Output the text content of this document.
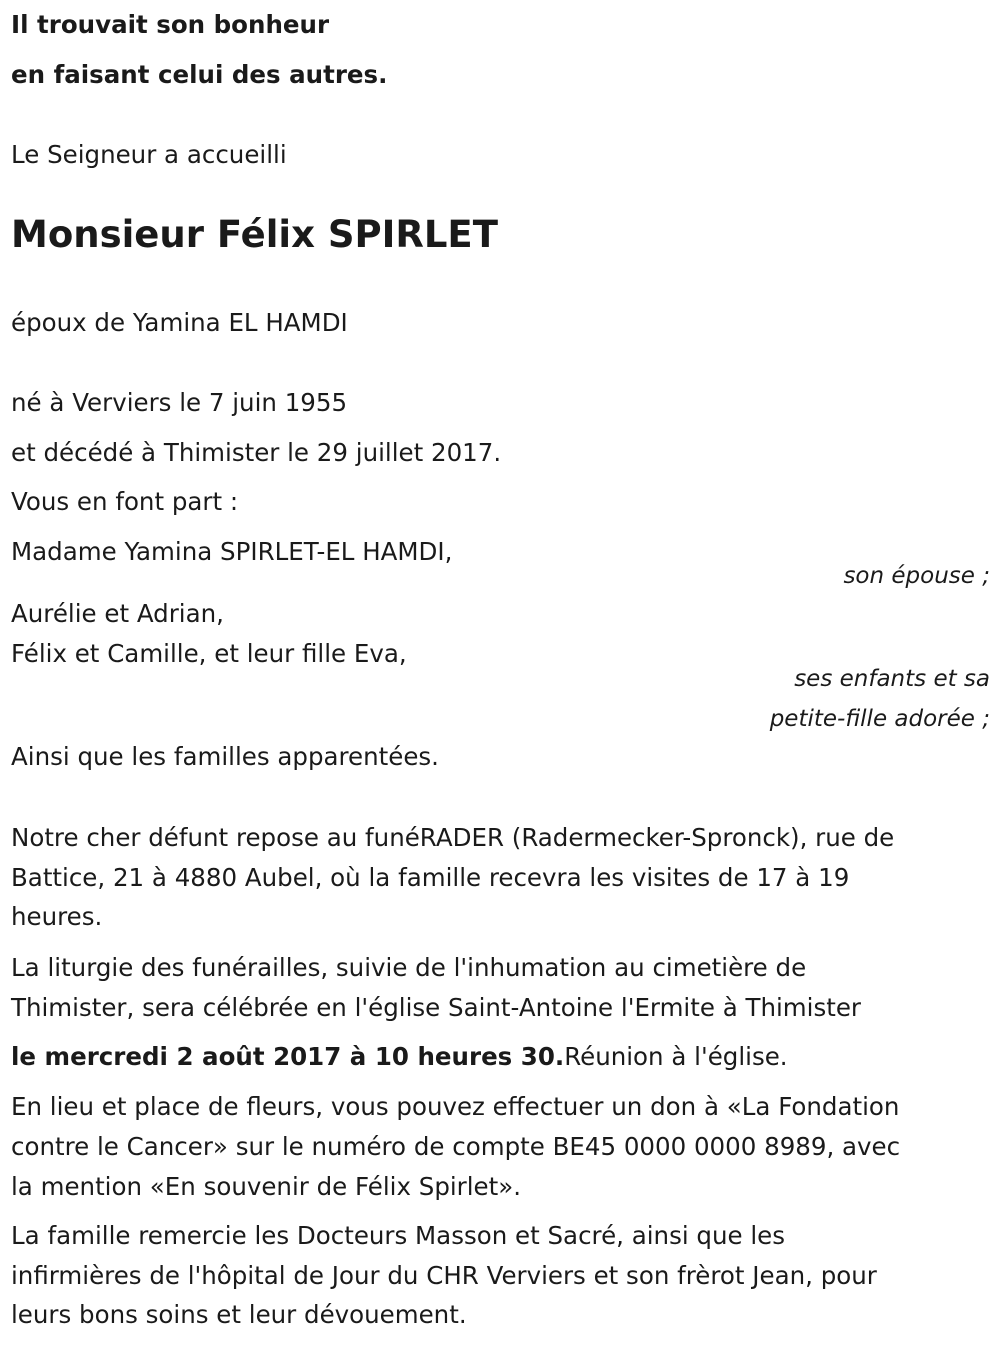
Il trouvait son bonheur
en faisant celui des autres.
Le Seigneur a accueilli
Monsieur Félix SPIRLET
époux de Yamina EL HAMDI
né à Verviers le 7 juin 1955
et décédé à Thimister le 29 juillet 2017.
Vous en font part :
Madame Yamina SPIRLET-EL HAMDI,
son épouse ;
Aurélie et Adrian,
Félix et Camille, et leur fille Eva,
ses enfants et sa
petite-fille adorée ;
Ainsi que les familles apparentées.
Notre cher défunt repose au funéRADER (Radermecker-Spronck), rue de
Battice, 21 à 4880 Aubel, où la famille recevra les visites de 17 à 19
heures.
La liturgie des funérailles, suivie de l'inhumation au cimetière de
Thimister, sera célébrée en l'église Saint-Antoine l'Ermite à Thimister
le mercredi 2 août 2017 à 10 heures 30.Réunion à l'église.
En lieu et place de fleurs, vous pouvez effectuer un don à «La Fondation
contre le Cancer» sur le numéro de compte BE45 0000 0000 8989, avec
la mention «En souvenir de Félix Spirlet».
La famille remercie les Docteurs Masson et Sacré, ainsi que les
infirmières de l'hôpital de Jour du CHR Verviers et son frèrot Jean, pour
leurs bons soins et leur dévouement.
